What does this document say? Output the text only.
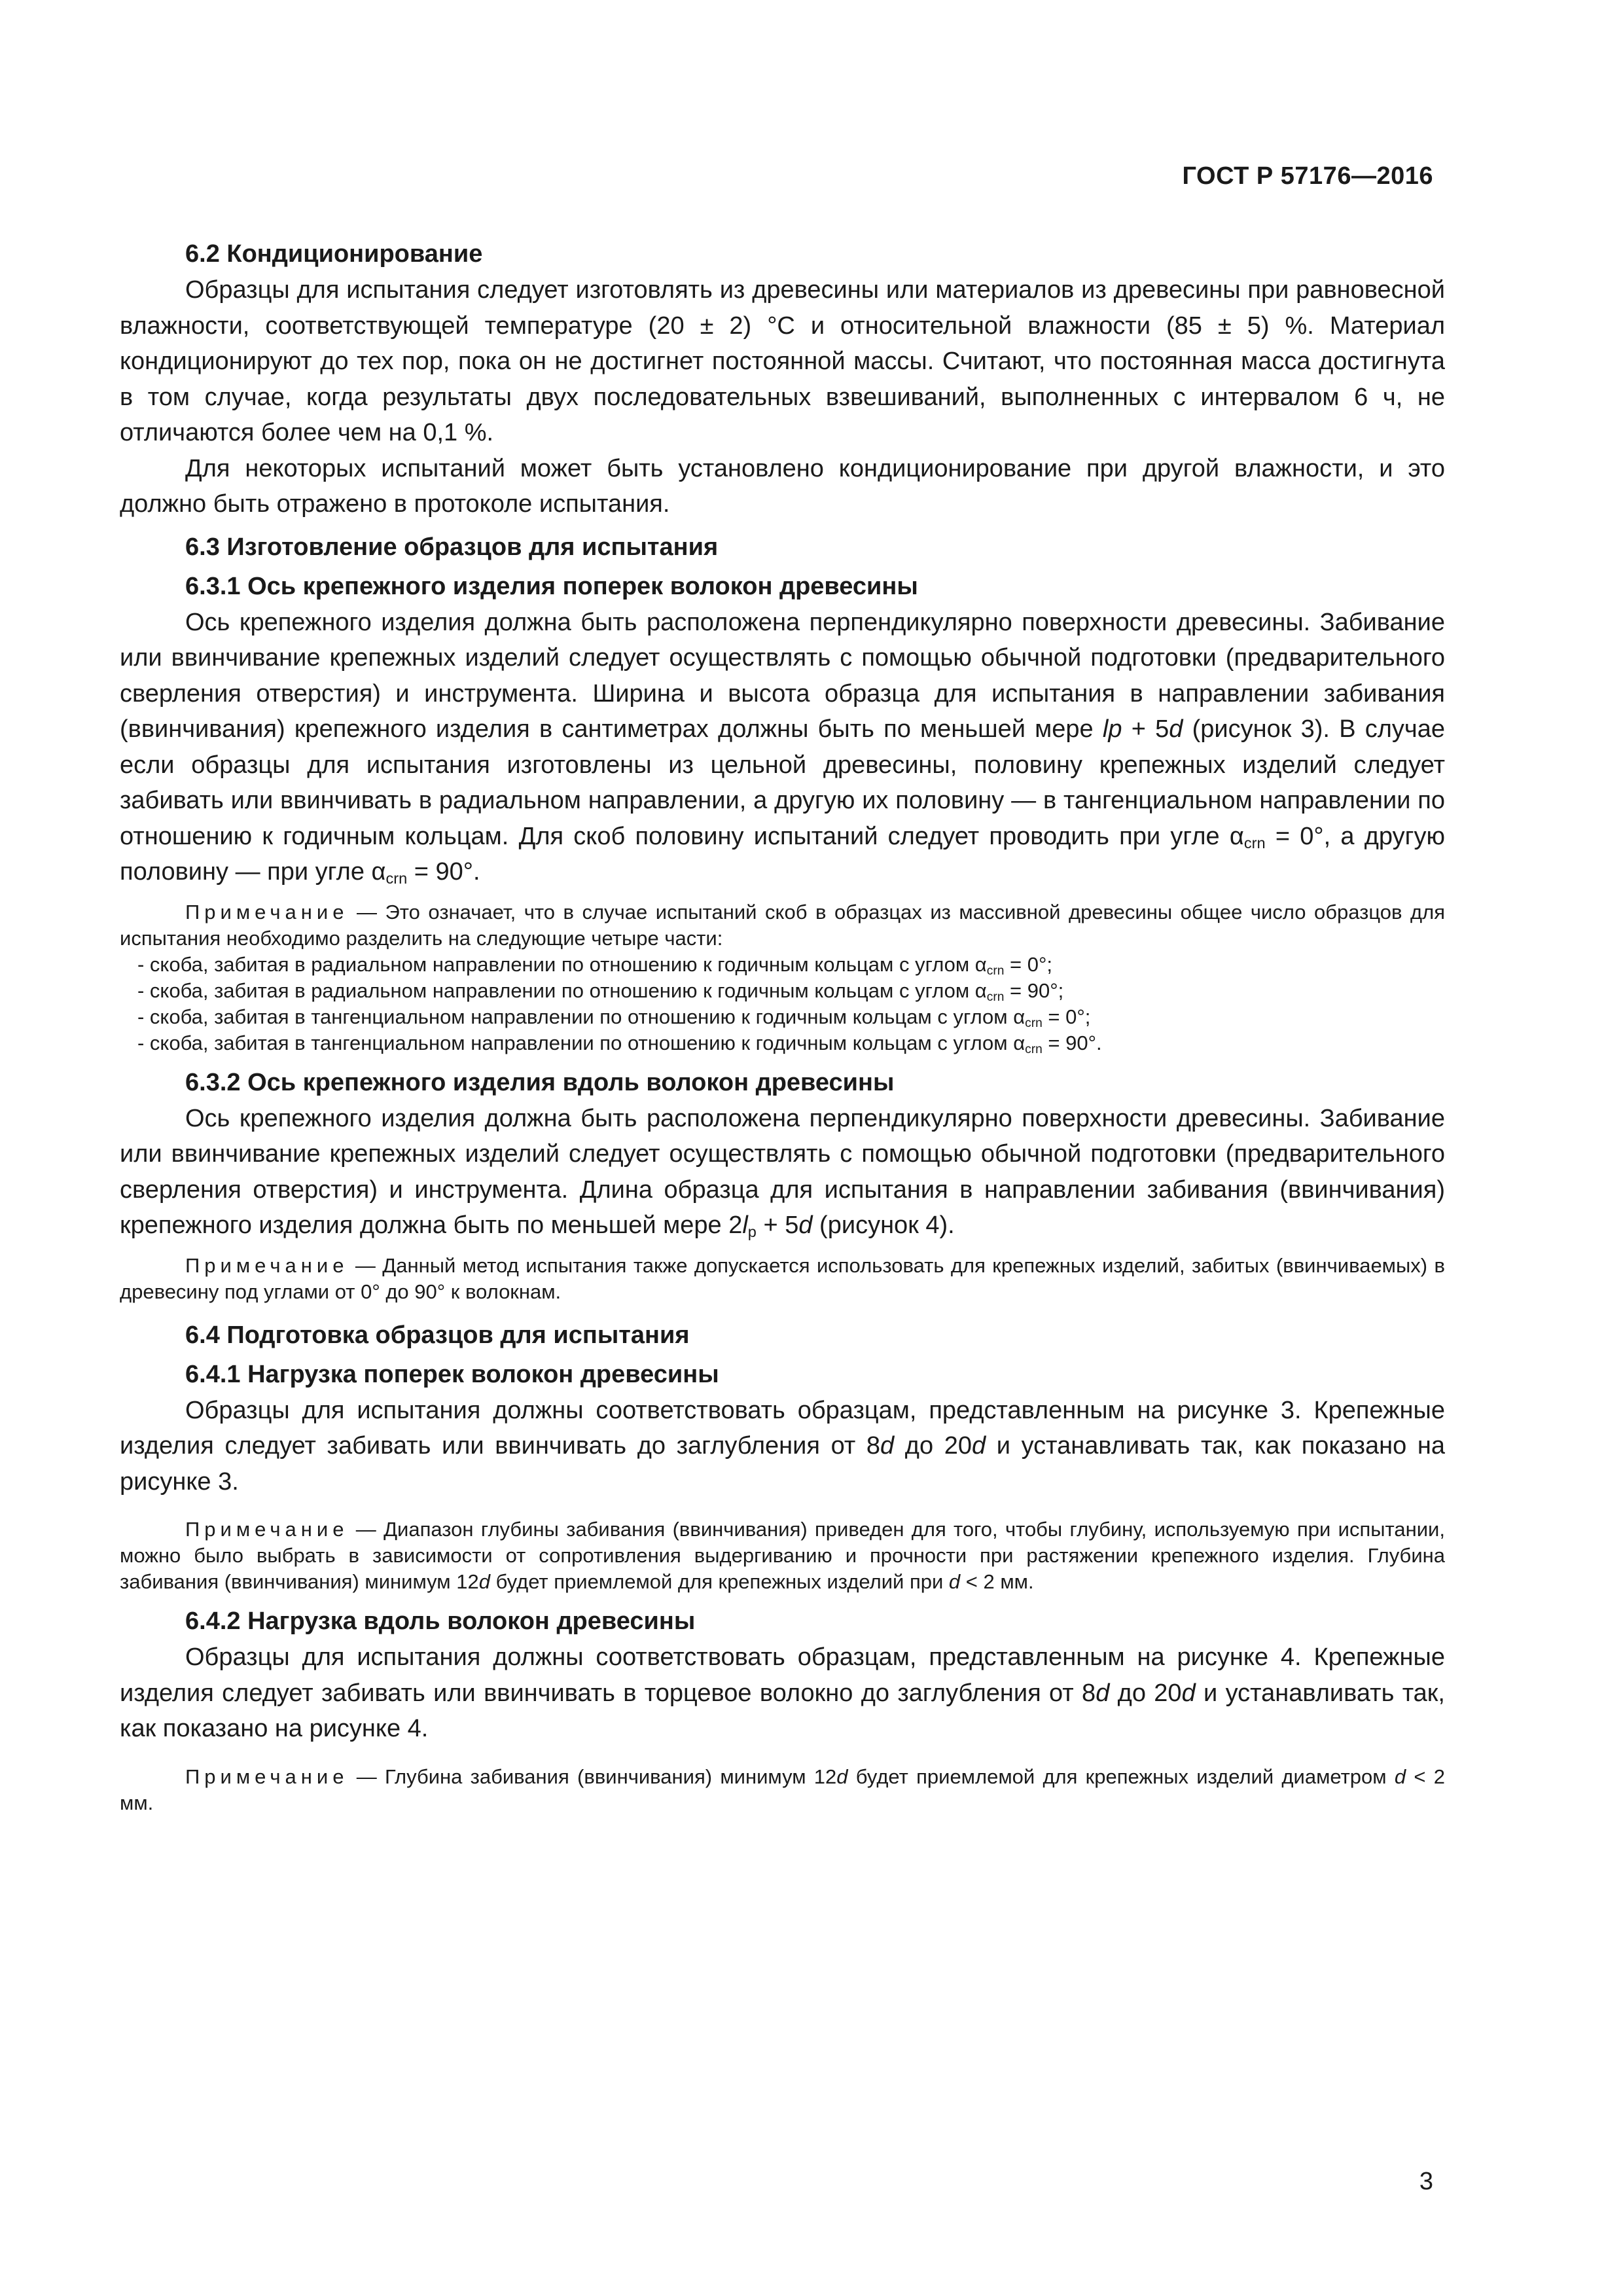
ГОСТ Р 57176—2016
6.2 Кондиционирование

Образцы для испытания следует изготовлять из древесины или материалов из древесины при равновесной влажности, соответствующей температуре (20 ± 2) °С и относительной влажности (85 ± 5) %. Материал кондиционируют до тех пор, пока он не достигнет постоянной массы. Считают, что постоянная масса достигнута в том случае, когда результаты двух последовательных взвешиваний, выполненных с интервалом 6 ч, не отличаются более чем на 0,1 %.

Для некоторых испытаний может быть установлено кондиционирование при другой влажности, и это должно быть отражено в протоколе испытания.

6.3 Изготовление образцов для испытания
6.3.1 Ось крепежного изделия поперек волокон древесины

Ось крепежного изделия должна быть расположена перпендикулярно поверхности древесины. Забивание или ввинчивание крепежных изделий следует осуществлять с помощью обычной подготовки (предварительного сверления отверстия) и инструмента. Ширина и высота образца для испытания в направлении забивания (ввинчивания) крепежного изделия в сантиметрах должны быть по меньшей мере lp + 5d (рисунок 3). В случае если образцы для испытания изготовлены из цельной древесины, половину крепежных изделий следует забивать или ввинчивать в радиальном направлении, а другую их половину — в тангенциальном направлении по отношению к годичным кольцам. Для скоб половину испытаний следует проводить при угле $\alpha_{crn} = 0^\circ$, а другую половину — при угле $\alpha_{crn} = 90^\circ$.

Примечание — Это означает, что в случае испытаний скоб в образцах из массивной древесины общее число образцов для испытания необходимо разделить на следующие четыре части:

- скоба, забитая в радиальном направлении по отношению к годичным кольцам с углом $\alpha_{crn} = 0^\circ$;
- скоба, забитая в радиальном направлении по отношению к годичным кольцам с углом $\alpha_{crn} = 90^\circ$;
- скоба, забитая в тангенциальном направлении по отношению к годичным кольцам с углом $\alpha_{crn} = 0^\circ$;
- скоба, забитая в тангенциальном направлении по отношению к годичным кольцам с углом $\alpha_{crn} = 90^\circ$.
6.3.2 Ось крепежного изделия вдоль волокон древесины

Ось крепежного изделия должна быть расположена перпендикулярно поверхности древесины. Забивание или ввинчивание крепежных изделий следует осуществлять с помощью обычной подготовки (предварительного сверления отверстия) и инструмента. Длина образца для испытания в направлении забивания (ввинчивания) крепежного изделия должна быть по меньшей мере $2l_p + 5d$ (рисунок 4).

Примечание — Данный метод испытания также допускается использовать для крепежных изделий, забитых (ввинчиваемых) в древесину под углами от 0° до 90° к волокнам.

6.4 Подготовка образцов для испытания
6.4.1 Нагрузка поперек волокон древесины

Образцы для испытания должны соответствовать образцам, представленным на рисунке 3. Крепежные изделия следует забивать или ввинчивать до заглубления от 8d до 20d и устанавливать так, как показано на рисунке 3.

Примечание — Диапазон глубины забивания (ввинчивания) приведен для того, чтобы глубину, используемую при испытании, можно было выбрать в зависимости от сопротивления выдергиванию и прочности при растяжении крепежного изделия. Глубина забивания (ввинчивания) минимум 12d будет приемлемой для крепежных изделий при d < 2 мм.

6.4.2 Нагрузка вдоль волокон древесины

Образцы для испытания должны соответствовать образцам, представленным на рисунке 4. Крепежные изделия следует забивать или ввинчивать в торцевое волокно до заглубления от 8d до 20d и устанавливать так, как показано на рисунке 4.

Примечание — Глубина забивания (ввинчивания) минимум 12d будет приемлемой для крепежных изделий диаметром d < 2 мм.

3
